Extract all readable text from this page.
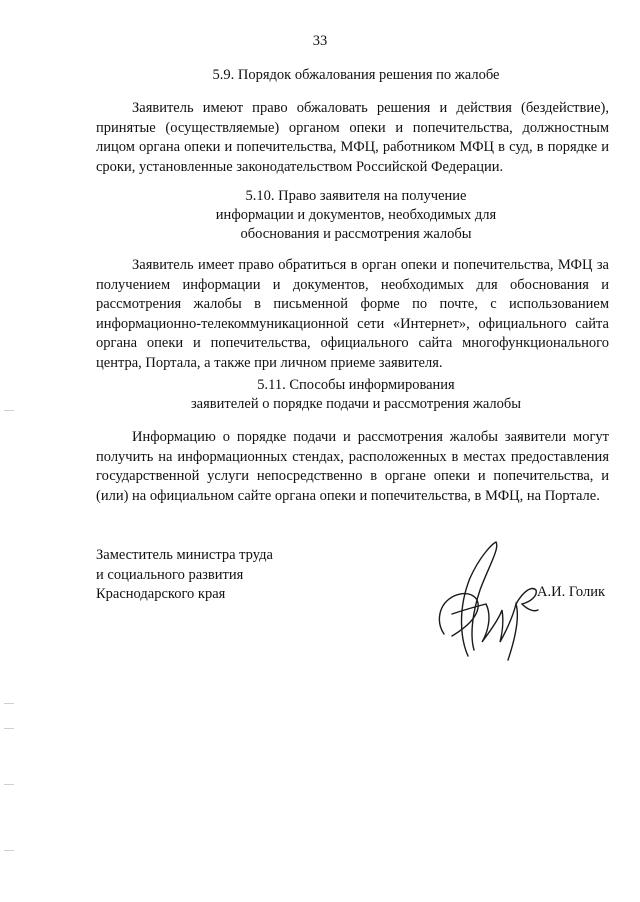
33
5.9. Порядок обжалования решения по жалобе
Заявитель имеют право обжаловать решения и действия (бездействие), принятые (осуществляемые) органом опеки и попечительства, должностным лицом органа опеки и попечительства, МФЦ, работником МФЦ в суд, в порядке и сроки, установленные законодательством Российской Федерации.
5.10. Право заявителя на получение
информации и документов, необходимых для
обоснования и рассмотрения жалобы
Заявитель имеет право обратиться в орган опеки и попечительства, МФЦ за получением информации и документов, необходимых для обоснования и рассмотрения жалобы в письменной форме по почте, с использованием информационно-телекоммуникационной сети «Интернет», официального сайта органа опеки и попечительства, официального сайта многофункционального центра, Портала, а также при личном приеме заявителя.
5.11. Способы информирования
заявителей о порядке подачи и рассмотрения жалобы
Информацию о порядке подачи и рассмотрения жалобы заявители могут получить на информационных стендах, расположенных в местах предоставления государственной услуги непосредственно в органе опеки и попечительства, и (или) на официальном сайте органа опеки и попечительства, в МФЦ, на Портале.
Заместитель министра труда
и социального развития
Краснодарского края	А.И. Голик
